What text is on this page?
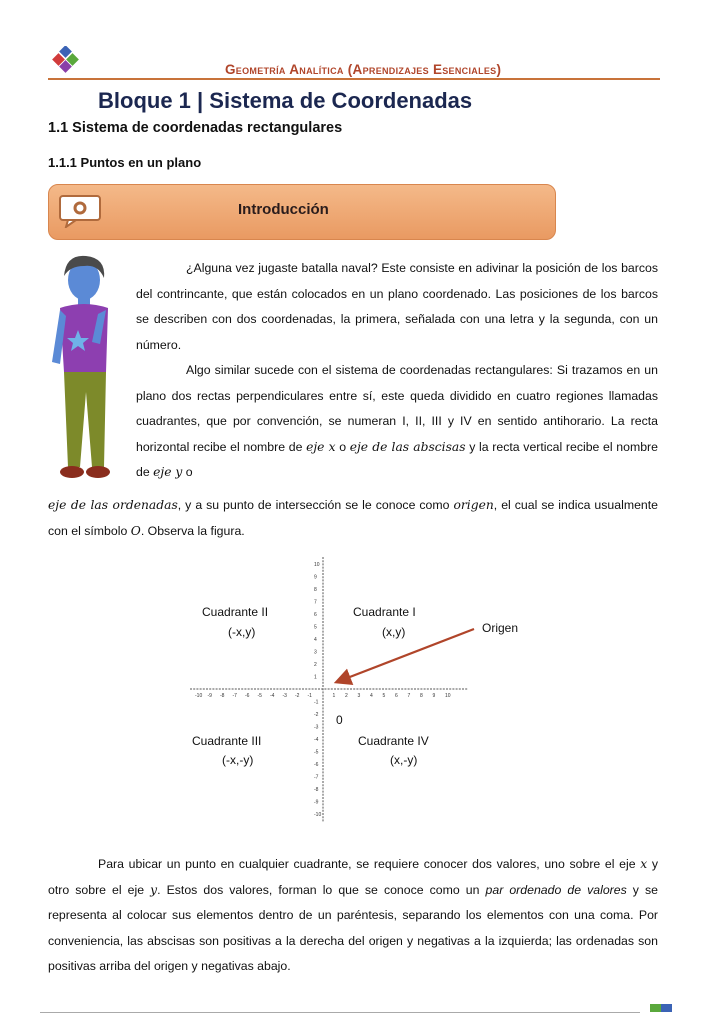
Geometría Analítica (Aprendizajes Esenciales)
Bloque 1 | Sistema de Coordenadas
1.1 Sistema de coordenadas rectangulares
1.1.1 Puntos en un plano
Introducción
¿Alguna vez jugaste batalla naval? Este consiste en adivinar la posición de los barcos del contrincante, que están colocados en un plano coordenado. Las posiciones de los barcos se describen con dos coordenadas, la primera, señalada con una letra y la segunda, con un número.
Algo similar sucede con el sistema de coordenadas rectangulares: Si trazamos en un plano dos rectas perpendiculares entre sí, este queda dividido en cuatro regiones llamadas cuadrantes, que por convención, se numeran I, II, III y IV en sentido antihorario. La recta horizontal recibe el nombre de eje x o eje de las abscisas y la recta vertical recibe el nombre de eje y o
eje de las ordenadas, y a su punto de intersección se le conoce como origen, el cual se indica usualmente con el símbolo O. Observa la figura.
-10 -9 -8 -7 -6 -5 -4 -3 -2 -1	1 2 3 4 5 6 7 8 9 10
10
9
8
7
6
5
4
3
2
1
-1
-2
-3
-4
-5
-6
-7
-8
-9
-10
Cuadrante II
(-x,y)
Cuadrante I
(x,y)
Cuadrante III
(-x,-y)
Cuadrante IV
(x,-y)
Origen
0
Para ubicar un punto en cualquier cuadrante, se requiere conocer dos valores, uno sobre el eje x y otro sobre el eje y. Estos dos valores, forman lo que se conoce como un par ordenado de valores y se representa al colocar sus elementos dentro de un paréntesis, separando los elementos con una coma. Por conveniencia, las abscisas son positivas a la derecha del origen y negativas a la izquierda; las ordenadas son positivas arriba del origen y negativas abajo.
